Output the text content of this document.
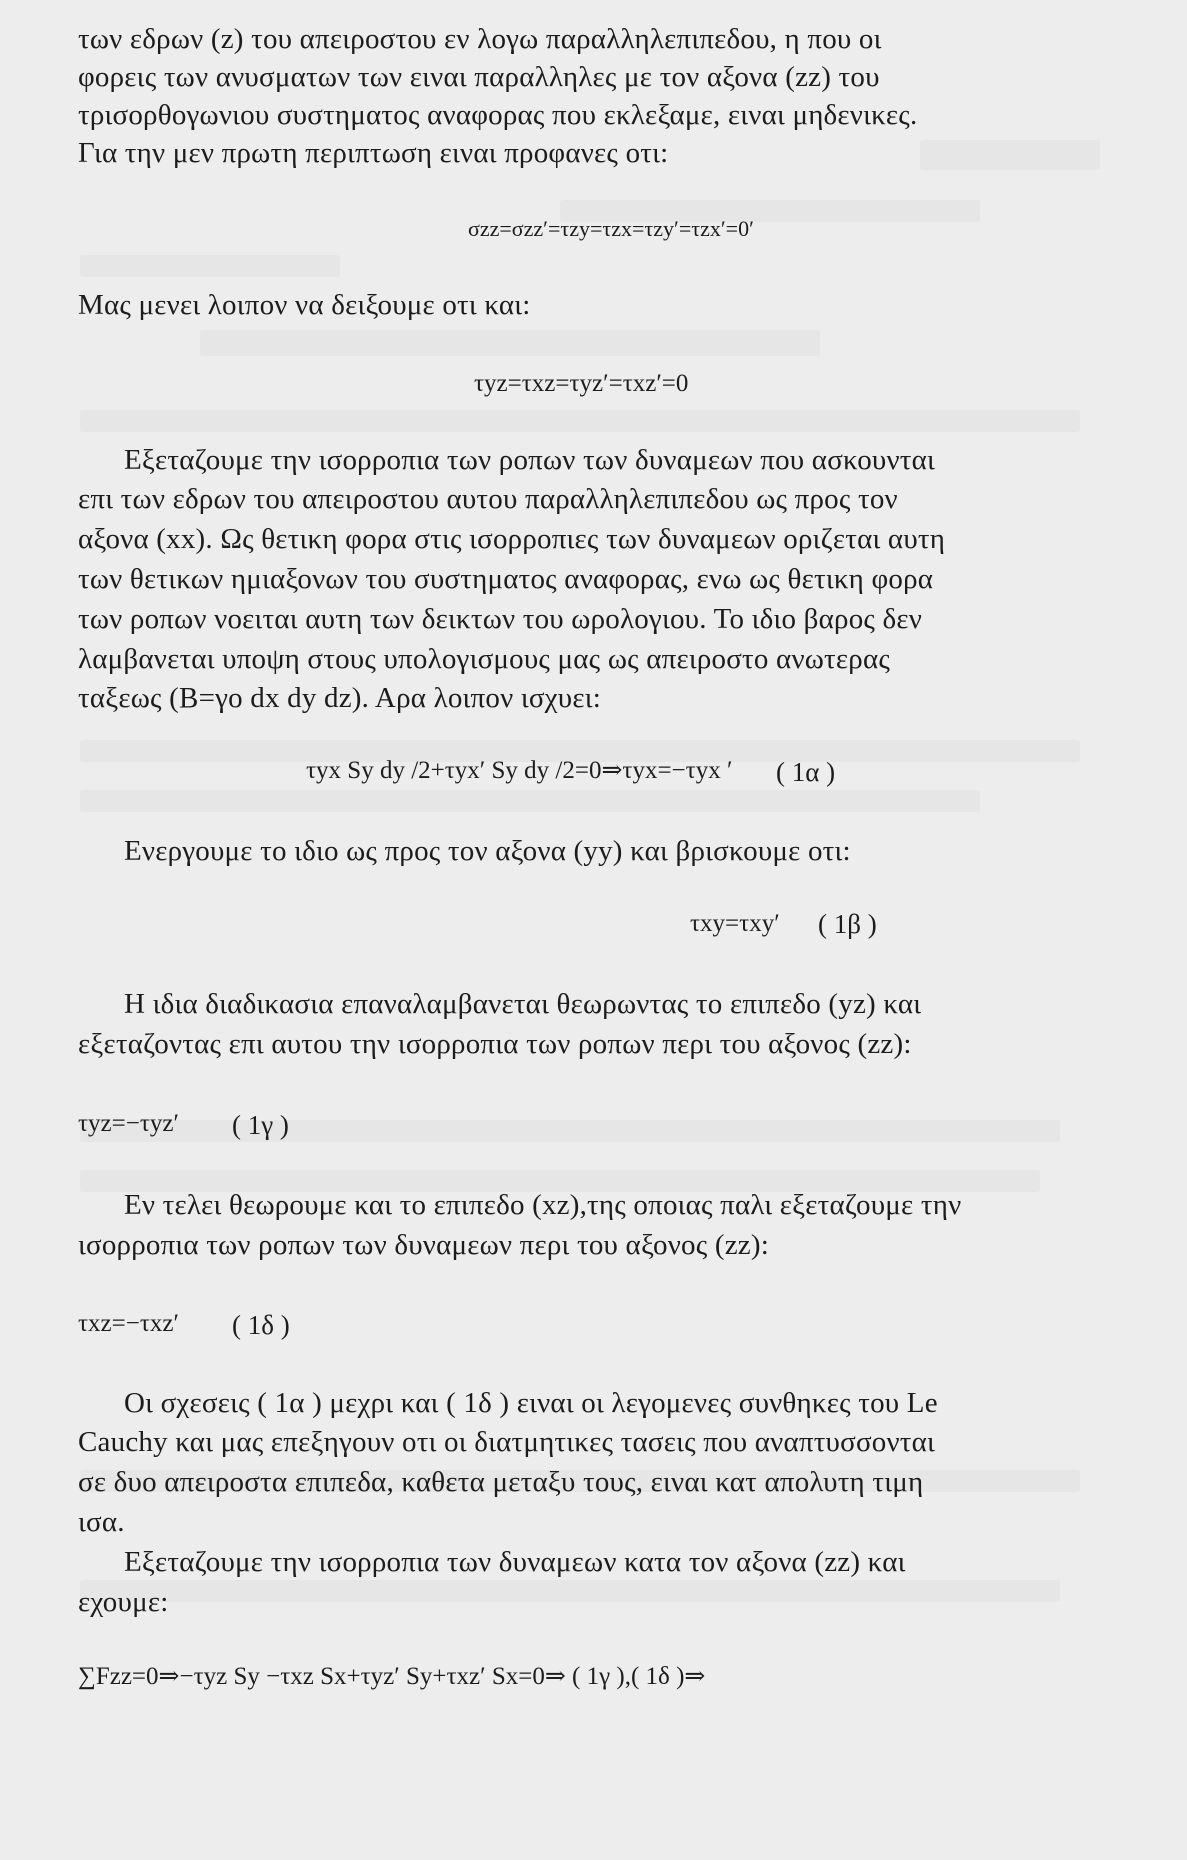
των εδρων (z) του απειροστου εν λογω παραλληλεπιπεδου, η που οι
φορεις των ανυσματων των ειναι παραλληλες με τον αξονα (zz) του
τρισορθογωνιου συστηματος αναφορας που εκλεξαμε, ειναι μηδενικες.
Για την μεν πρωτη περιπτωση ειναι προφανες οτι:
σzz=σzz′=τzy=τzx=τzy′=τzx′=0′
Μας μενει λοιπον να δειξουμε οτι και:
τyz=τxz=τyz′=τxz′=0
Εξεταζουμε την ισορροπια των ροπων των δυναμεων που ασκουνται
επι των εδρων του απειροστου αυτου παραλληλεπιπεδου ως προς τον
αξονα (xx). Ως θετικη φορα στις ισορροπιες των δυναμεων οριζεται αυτη
των θετικων ημιαξονων του συστηματος αναφορας, ενω ως θετικη φορα
των ροπων νοειται αυτη των δεικτων του ωρολογιου. Το ιδιο βαρος δεν
λαμβανεται υποψη στους υπολογισμους μας ως απειροστο ανωτερας
ταξεως (Β=γο dx dy dz). Αρα λοιπον ισχυει:
τyx Sy dy /2+τyx′ Sy dy /2=0⇒τyx=−τyx ′ ( 1α )
Ενεργουμε το ιδιο ως προς τον αξονα (yy) και βρισκουμε οτι:
τxy=τxy′ ( 1β )
Η ιδια διαδικασια επαναλαμβανεται θεωρωντας το επιπεδο (yz) και
εξεταζοντας επι αυτου την ισορροπια των ροπων περι του αξονος (zz):
τyz=−τyz′ ( 1γ )
Εν τελει θεωρουμε και το επιπεδο (xz),της οποιας παλι εξεταζουμε την
ισορροπια των ροπων των δυναμεων περι του αξονος (zz):
τxz=−τxz′ ( 1δ )
Οι σχεσεις ( 1α ) μεχρι και ( 1δ ) ειναι οι λεγομενες συνθηκες του Le
Cauchy και μας επεξηγουν οτι οι διατμητικες τασεις που αναπτυσσονται
σε δυο απειροστα επιπεδα, καθετα μεταξυ τους, ειναι κατ απολυτη τιμη
ισα.
Εξεταζουμε την ισορροπια των δυναμεων κατα τον αξονα (zz) και
εχουμε:
∑Fzz=0⇒−τyz Sy −τxz Sx+τyz′ Sy+τxz′ Sx=0⇒ ( 1γ ),( 1δ )⇒
